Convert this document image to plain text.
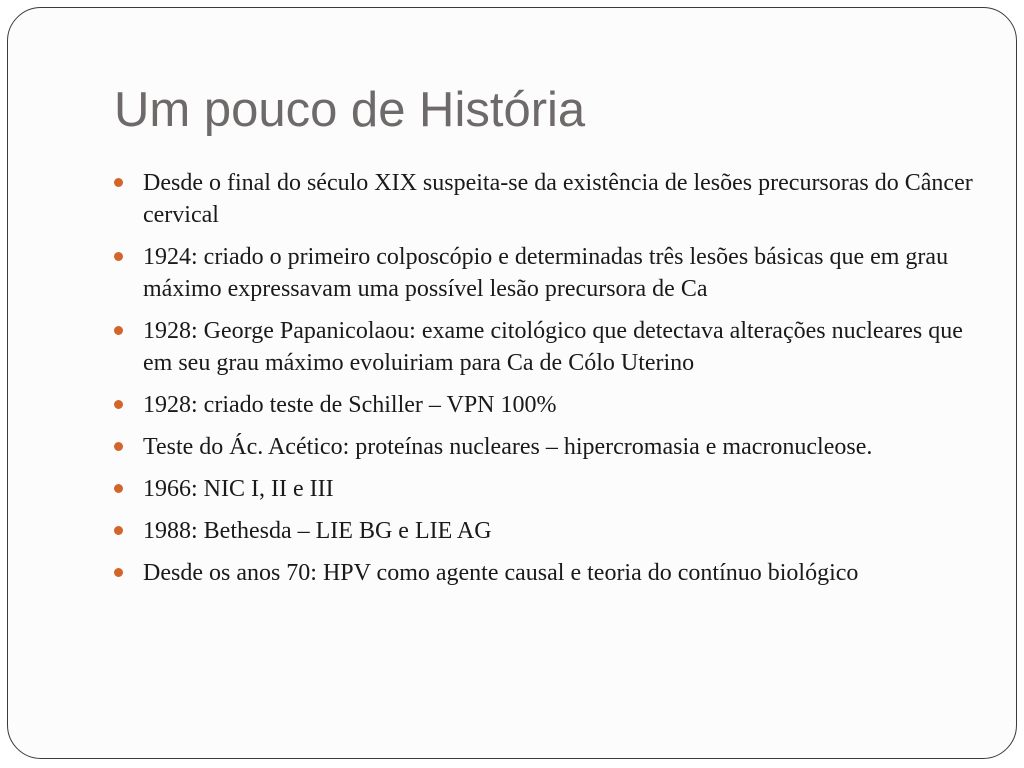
Um pouco de História
Desde o final do século XIX suspeita-se da existência de lesões precursoras do Câncer cervical
1924: criado o primeiro colposcópio e determinadas três lesões básicas que em grau máximo expressavam uma possível lesão precursora de Ca
1928: George Papanicolaou: exame citológico que detectava alterações nucleares que em seu grau máximo evoluiriam para Ca de Cólo Uterino
1928: criado teste de Schiller – VPN 100%
Teste do Ác. Acético: proteínas nucleares – hipercromasia e macronucleose.
1966: NIC I, II e III
1988: Bethesda – LIE BG e LIE AG
Desde os anos 70: HPV como agente causal e teoria do contínuo biológico
